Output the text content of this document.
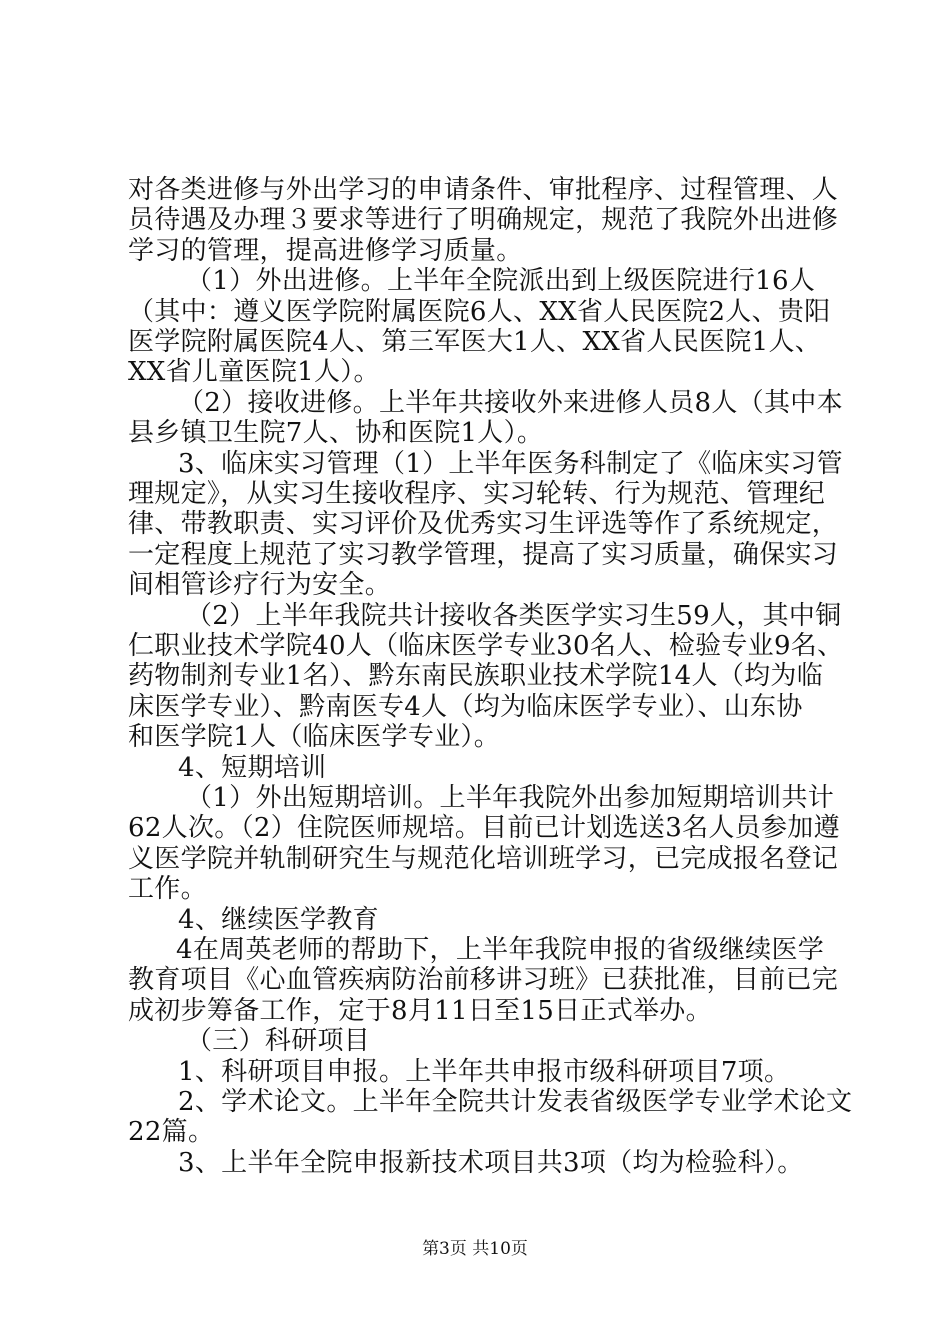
对各类进修与外出学习的申请条件、审批程序、过程管理、人
员待遇及办理３要求等进行了明确规定，规范了我院外出进修
学习的管理，提高进修学习质量。
（1）外出进修。上半年全院派出到上级医院进行16人
（其中：遵义医学院附属医院6人、XX省人民医院2人、贵阳
医学院附属医院4人、第三军医大1人、XX省人民医院1人、
XX省儿童医院1人）。
（2）接收进修。上半年共接收外来进修人员8人（其中本
县乡镇卫生院7人、协和医院1人）。
3、临床实习管理（1）上半年医务科制定了《临床实习管
理规定》，从实习生接收程序、实习轮转、行为规范、管理纪
律、带教职责、实习评价及优秀实习生评选等作了系统规定，
一定程度上规范了实习教学管理，提高了实习质量，确保实习
间相管诊疗行为安全。
（2）上半年我院共计接收各类医学实习生59人，其中铜
仁职业技术学院40人（临床医学专业30名人、检验专业9名、
药物制剂专业1名）、黔东南民族职业技术学院14人（均为临
床医学专业）、黔南医专4人（均为临床医学专业）、山东协
和医学院1人（临床医学专业）。
4、短期培训
（1）外出短期培训。上半年我院外出参加短期培训共计
62人次。（2）住院医师规培。目前已计划选送3名人员参加遵
义医学院并轨制研究生与规范化培训班学习，已完成报名登记
工作。
4、继续医学教育
4在周英老师的帮助下，上半年我院申报的省级继续医学
教育项目《心血管疾病防治前移讲习班》已获批准，目前已完
成初步筹备工作，定于8月11日至15日正式举办。
（三）科研项目
1、科研项目申报。上半年共申报市级科研项目7项。
2、学术论文。上半年全院共计发表省级医学专业学术论文
22篇。
3、上半年全院申报新技术项目共3项（均为检验科）。
第3页 共10页
